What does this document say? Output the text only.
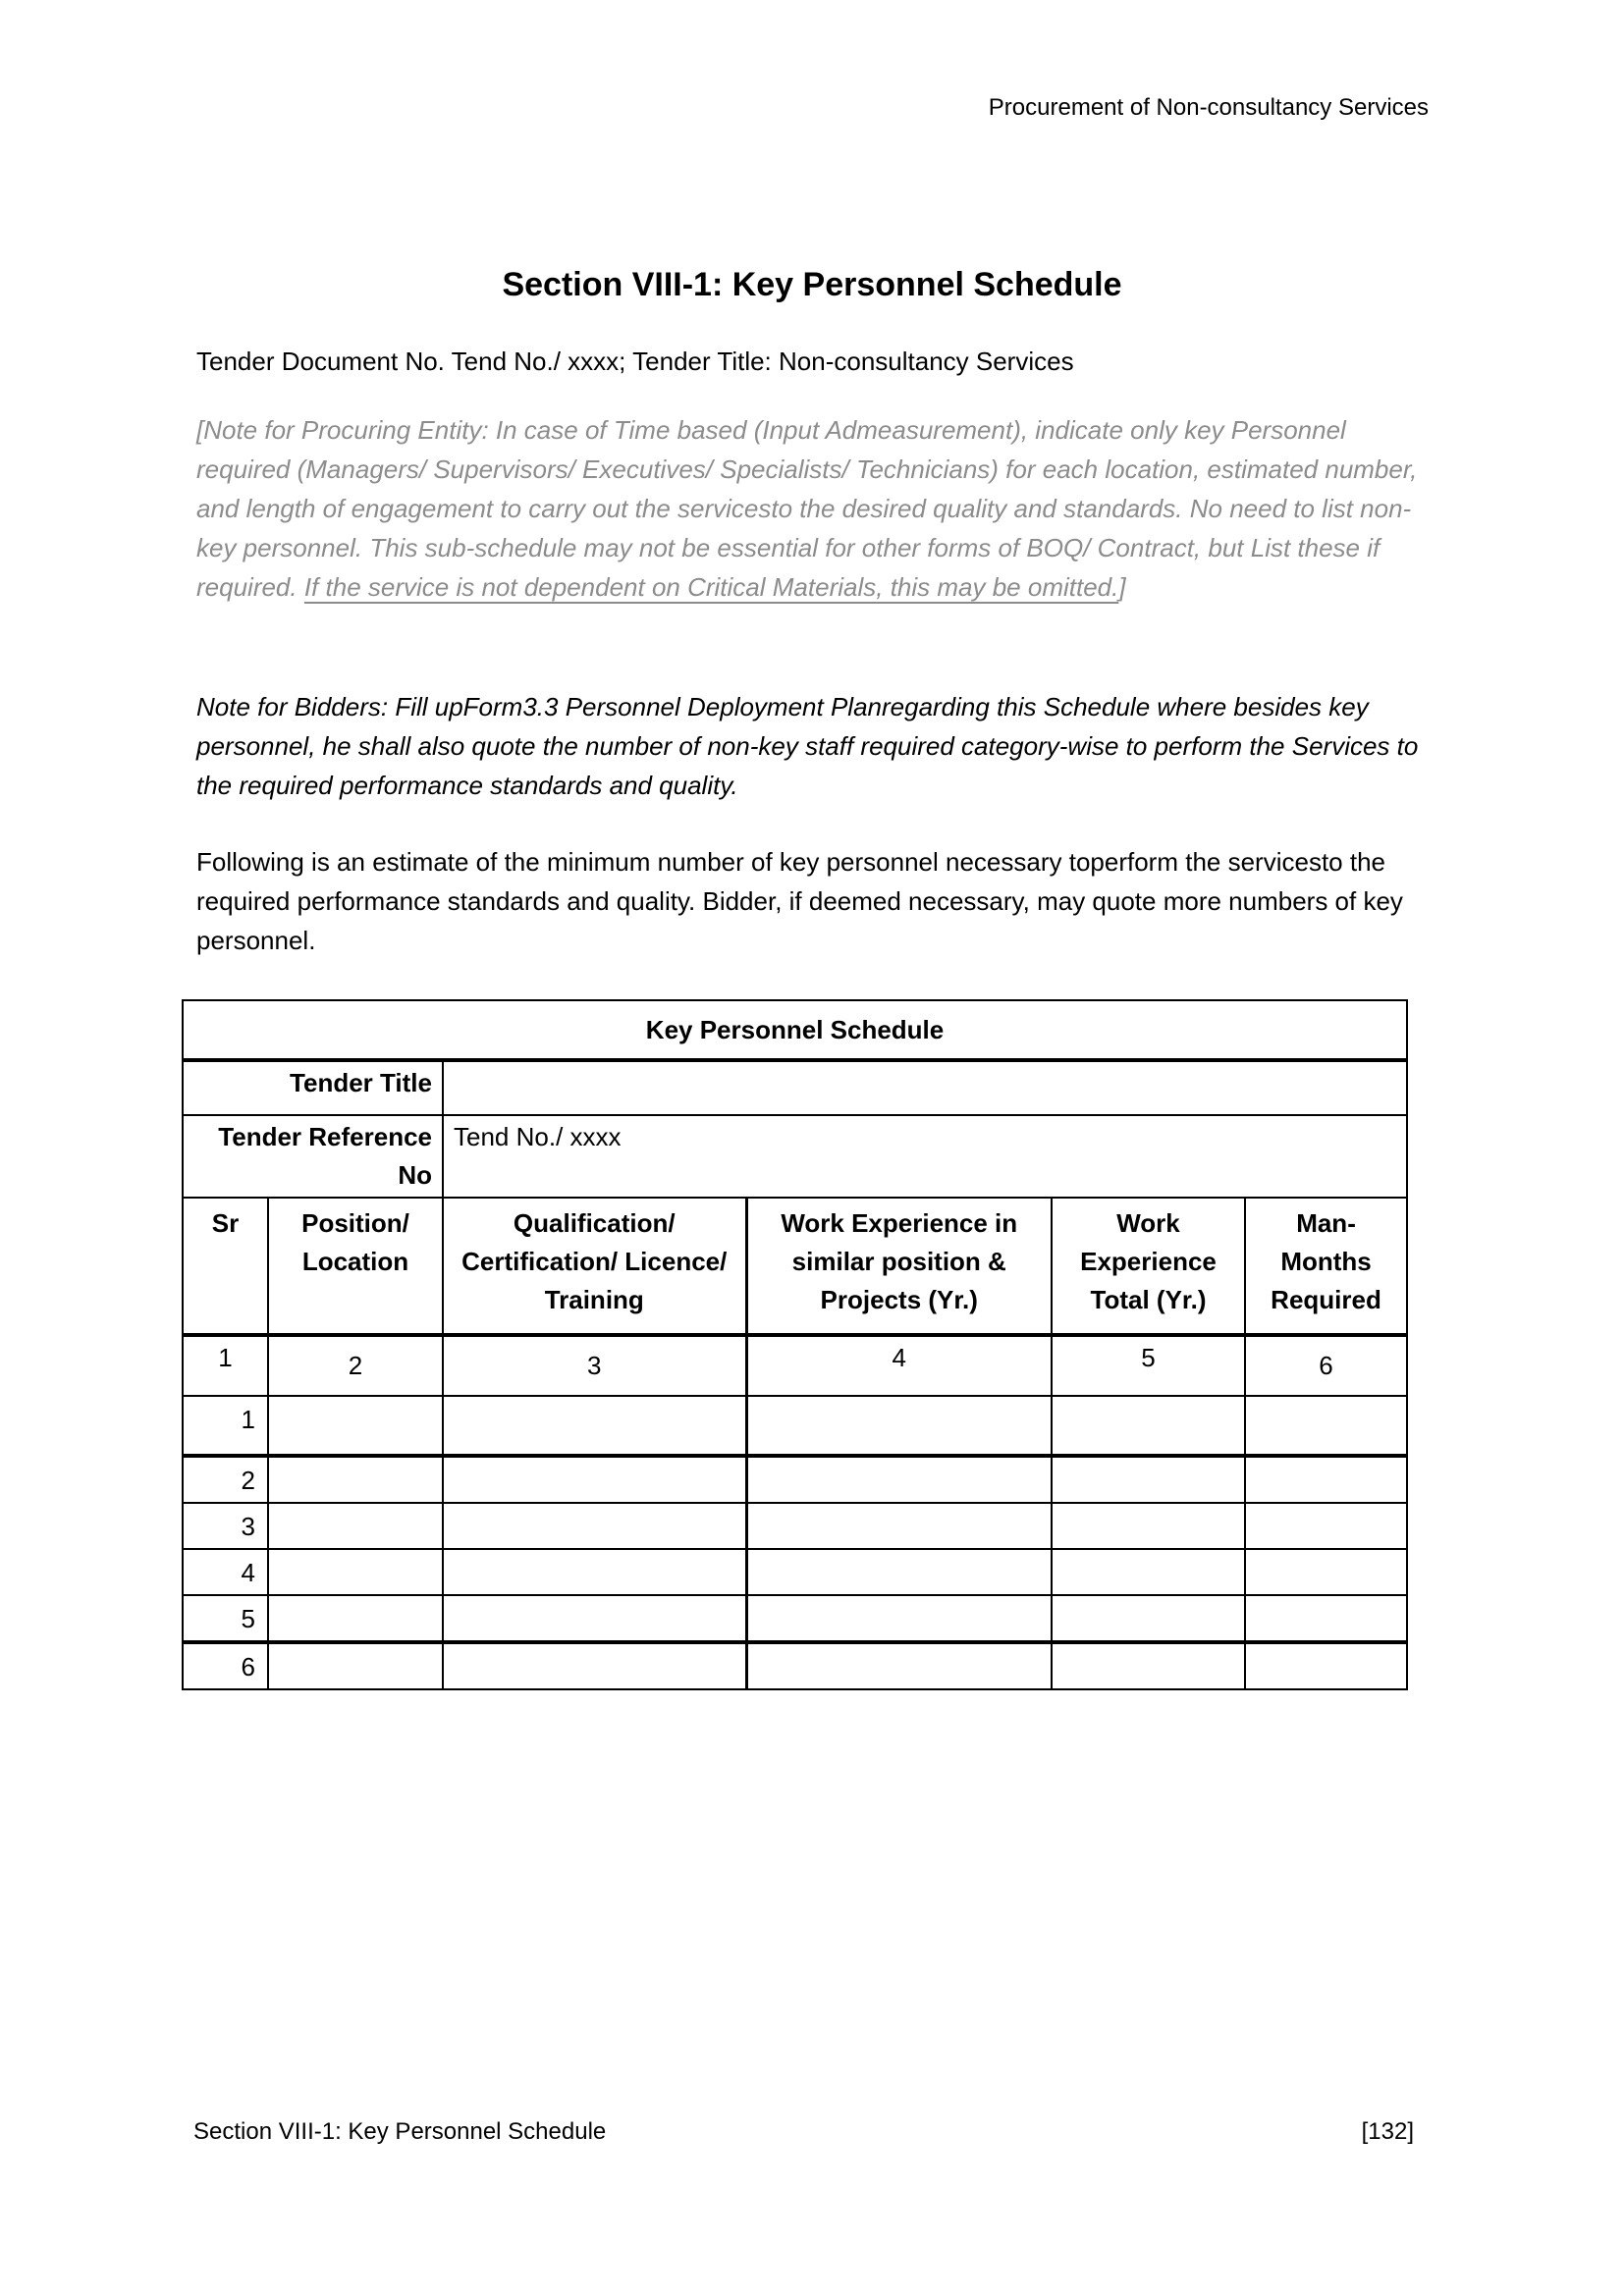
Procurement of Non-consultancy Services
Section VIII-1: Key Personnel Schedule

Tender Document No. Tend No./ xxxx; Tender Title: Non-consultancy Services

[Note for Procuring Entity: In case of Time based (Input Admeasurement), indicate only key Personnel required (Managers/ Supervisors/ Executives/ Specialists/ Technicians) for each location, estimated number, and length of engagement to carry out the servicesto the desired quality and standards. No need to list non-key personnel. This sub-schedule may not be essential for other forms of BOQ/ Contract, but List these if required. If the service is not dependent on Critical Materials, this may be omitted.]

Note for Bidders: Fill upForm3.3 Personnel Deployment Planregarding this Schedule where besides key personnel, he shall also quote the number of non-key staff required category-wise to perform the Services to the required performance standards and quality.

Following is an estimate of the minimum number of key personnel necessary toperform the servicesto the required performance standards and quality. Bidder, if deemed necessary, may quote more numbers of key personnel.

Key Personnel Schedule					
Tender Title					
Tender Reference No		Tend No./ xxxx			
Sr	Position/ Location	Qualification/ Certification/ Licence/ Training	Work Experience in similar position & Projects (Yr.)	Work Experience Total (Yr.)	Man- Months Required
1	2	3	4	5	6
1					
2					
3					
4					
5					
6					
Section VIII-1: Key Personnel Schedule	[132]
